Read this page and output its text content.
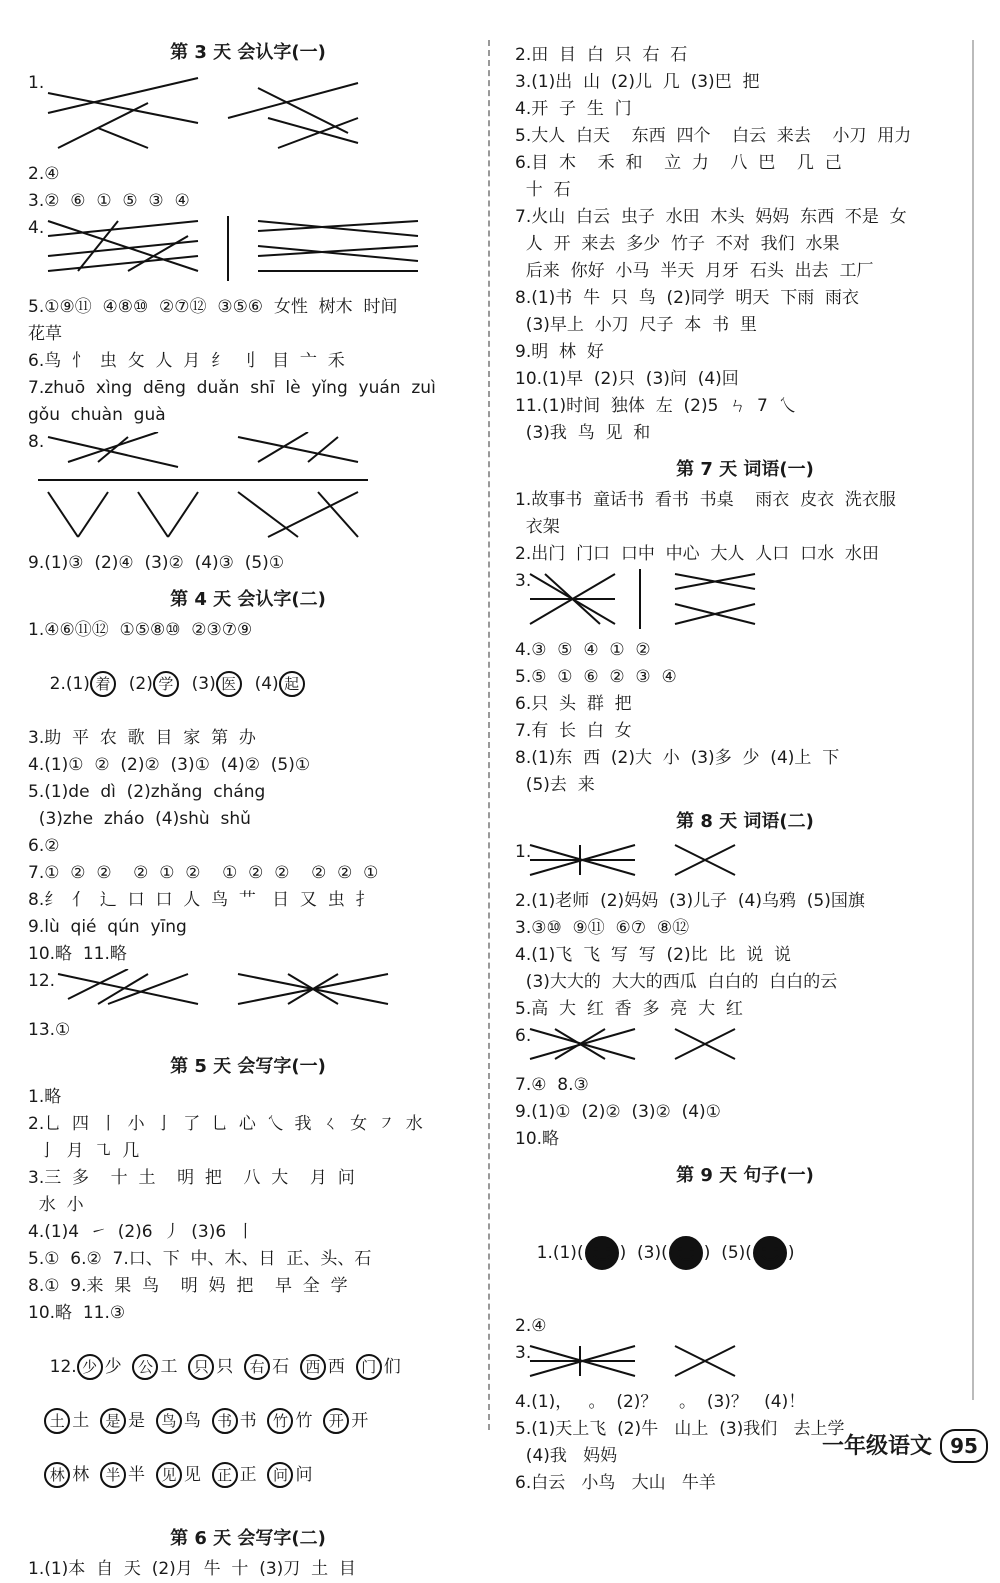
第 3 天 会认字(一)
1.
2.④
3.②  ⑥  ①  ⑤  ③  ④
4.
5.①⑨⑪  ④⑧⑩  ②⑦⑫  ③⑤⑥  女性  树木  时间
花草
6.鸟  忄  虫  攵  人  月  纟  刂   目  亠  禾
7.zhuō  xìng  dēng  duǎn  shī  lè  yǐng  yuán  zuì
gǒu  chuàn  guà
8.
9.(1)③  (2)④  (3)②  (4)③  (5)①
第 4 天 会认字(二)
1.④⑥⑪⑫  ①⑤⑧⑩  ②③⑦⑨

2.(1) 着 (2) 学 (3) 医 (4) 起

3.助  平  农  歌  目  家  第  办
4.(1)①  ②  (2)②  (3)①  (4)②  (5)①
5.(1)de  dì  (2)zhǎng  cháng
(3)zhe  zháo  (4)shù  shǔ
6.②
7.①  ②  ②    ②  ①  ②    ①  ②  ②    ②  ②  ①
8.纟  亻  辶  口  口  人  鸟  艹   日  又  虫  扌
9.lù  qié  qún  yīng
10.略  11.略
12.
13.①
第 5 天 会写字(一)
1.略
2.乚  四  丨  小  亅  了  乚  心  乀  我  ㄑ  女  ㇇  水
亅  月  ㇈  几
3.三  多    十  土    明  把    八  大    月  问
水  小
4.(1)4  ㇀  (2)6  丿  (3)6  丨
5.①  6.②  7.口、下  中、木、日  正、头、石
8.①  9.来  果  鸟    明  妈  把    早  全  学
10.略  11.③

12. 少 少 公 工 只 只 右 石 西 西 门 们

土 土 是 是 鸟 鸟 书 书 竹 竹 开 开

林 林 半 半 见 见 正 正 问 问

第 6 天 会写字(二)
1.(1)本  自  天  (2)月  牛  十  (3)刀  土  目
2.田  目  白  只  右  石
3.(1)出  山  (2)儿  几  (3)巴  把
4.开  子  生  门
5.大人  白天    东西  四个    白云  来去    小刀  用力
6.目  木    禾  和    立  力    八  巴    几  己
十  石
7.火山  白云  虫子  水田  木头  妈妈  东西  不是  女
人  开  来去  多少  竹子  不对  我们  水果
后来  你好  小马  半天  月牙  石头  出去  工厂
8.(1)书  牛  只  鸟  (2)同学  明天  下雨  雨衣
(3)早上  小刀  尺子  本  书  里
9.明  林  好
10.(1)早  (2)只  (3)问  (4)回
11.(1)时间  独体  左  (2)5  ㄣ  7  乀
(3)我  鸟  见  和
第 7 天 词语(一)
1.故事书  童话书  看书  书桌    雨衣  皮衣  洗衣服
衣架
2.出门  门口  口中  中心  大人  人口  口水  水田
3.
4.③  ⑤  ④  ①  ②
5.⑤  ①  ⑥  ②  ③  ④
6.只  头  群  把
7.有  长  白  女
8.(1)东  西  (2)大  小  (3)多  少  (4)上  下
(5)去  来
第 8 天 词语(二)
1.
2.(1)老师  (2)妈妈  (3)儿子  (4)乌鸦  (5)国旗
3.③⑩  ⑨⑪  ⑥⑦  ⑧⑫
4.(1)飞  飞  写  写  (2)比  比  说  说
(3)大大的  大大的西瓜  白白的  白白的云
5.高  大  红  香  多  亮  大  红
6.
7.④  8.③
9.(1)①  (2)②  (3)②  (4)①
10.略
第 9 天 句子(一)

1.(1)( ) (3)( ) (5)( )

2.④
3.
4.(1)，   。  (2)？    。  (3)？   (4)！
5.(1)天上飞  (2)牛   山上  (3)我们   去上学
(4)我   妈妈
6.白云   小鸟   大山   牛羊
一年级语文 95
